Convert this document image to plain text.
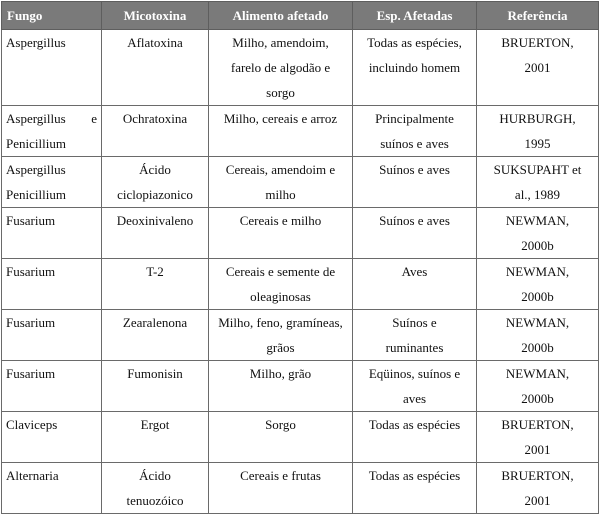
Fungo	Micotoxina	Alimento afetado	Esp. Afetadas	Referência

Aspergillus	Aflatoxina	Milho, amendoim,
farelo de algodão e
sorgo	Todas as espécies,
incluindo homem	BRUERTON,
2001

Aspergillus e
Penicillium	Ochratoxina	Milho, cereais e arroz	Principalmente
suínos e aves	HURBURGH,
1995

Aspergillus
Penicillium	Ácido
ciclopiazonico	Cereais, amendoim e
milho	Suínos e aves	SUKSUPAHT et
al., 1989

Fusarium	Deoxinivaleno	Cereais e milho	Suínos e aves	NEWMAN,
2000b

Fusarium	T-2	Cereais e semente de
oleaginosas	Aves	NEWMAN,
2000b

Fusarium	Zearalenona	Milho, feno, gramíneas,
grãos	Suínos e
ruminantes	NEWMAN,
2000b

Fusarium	Fumonisin	Milho, grão	Eqüinos, suínos e
aves	NEWMAN,
2000b

Claviceps	Ergot	Sorgo	Todas as espécies	BRUERTON,
2001

Alternaria	Ácido
tenuozóico	Cereais e frutas	Todas as espécies	BRUERTON,
2001
